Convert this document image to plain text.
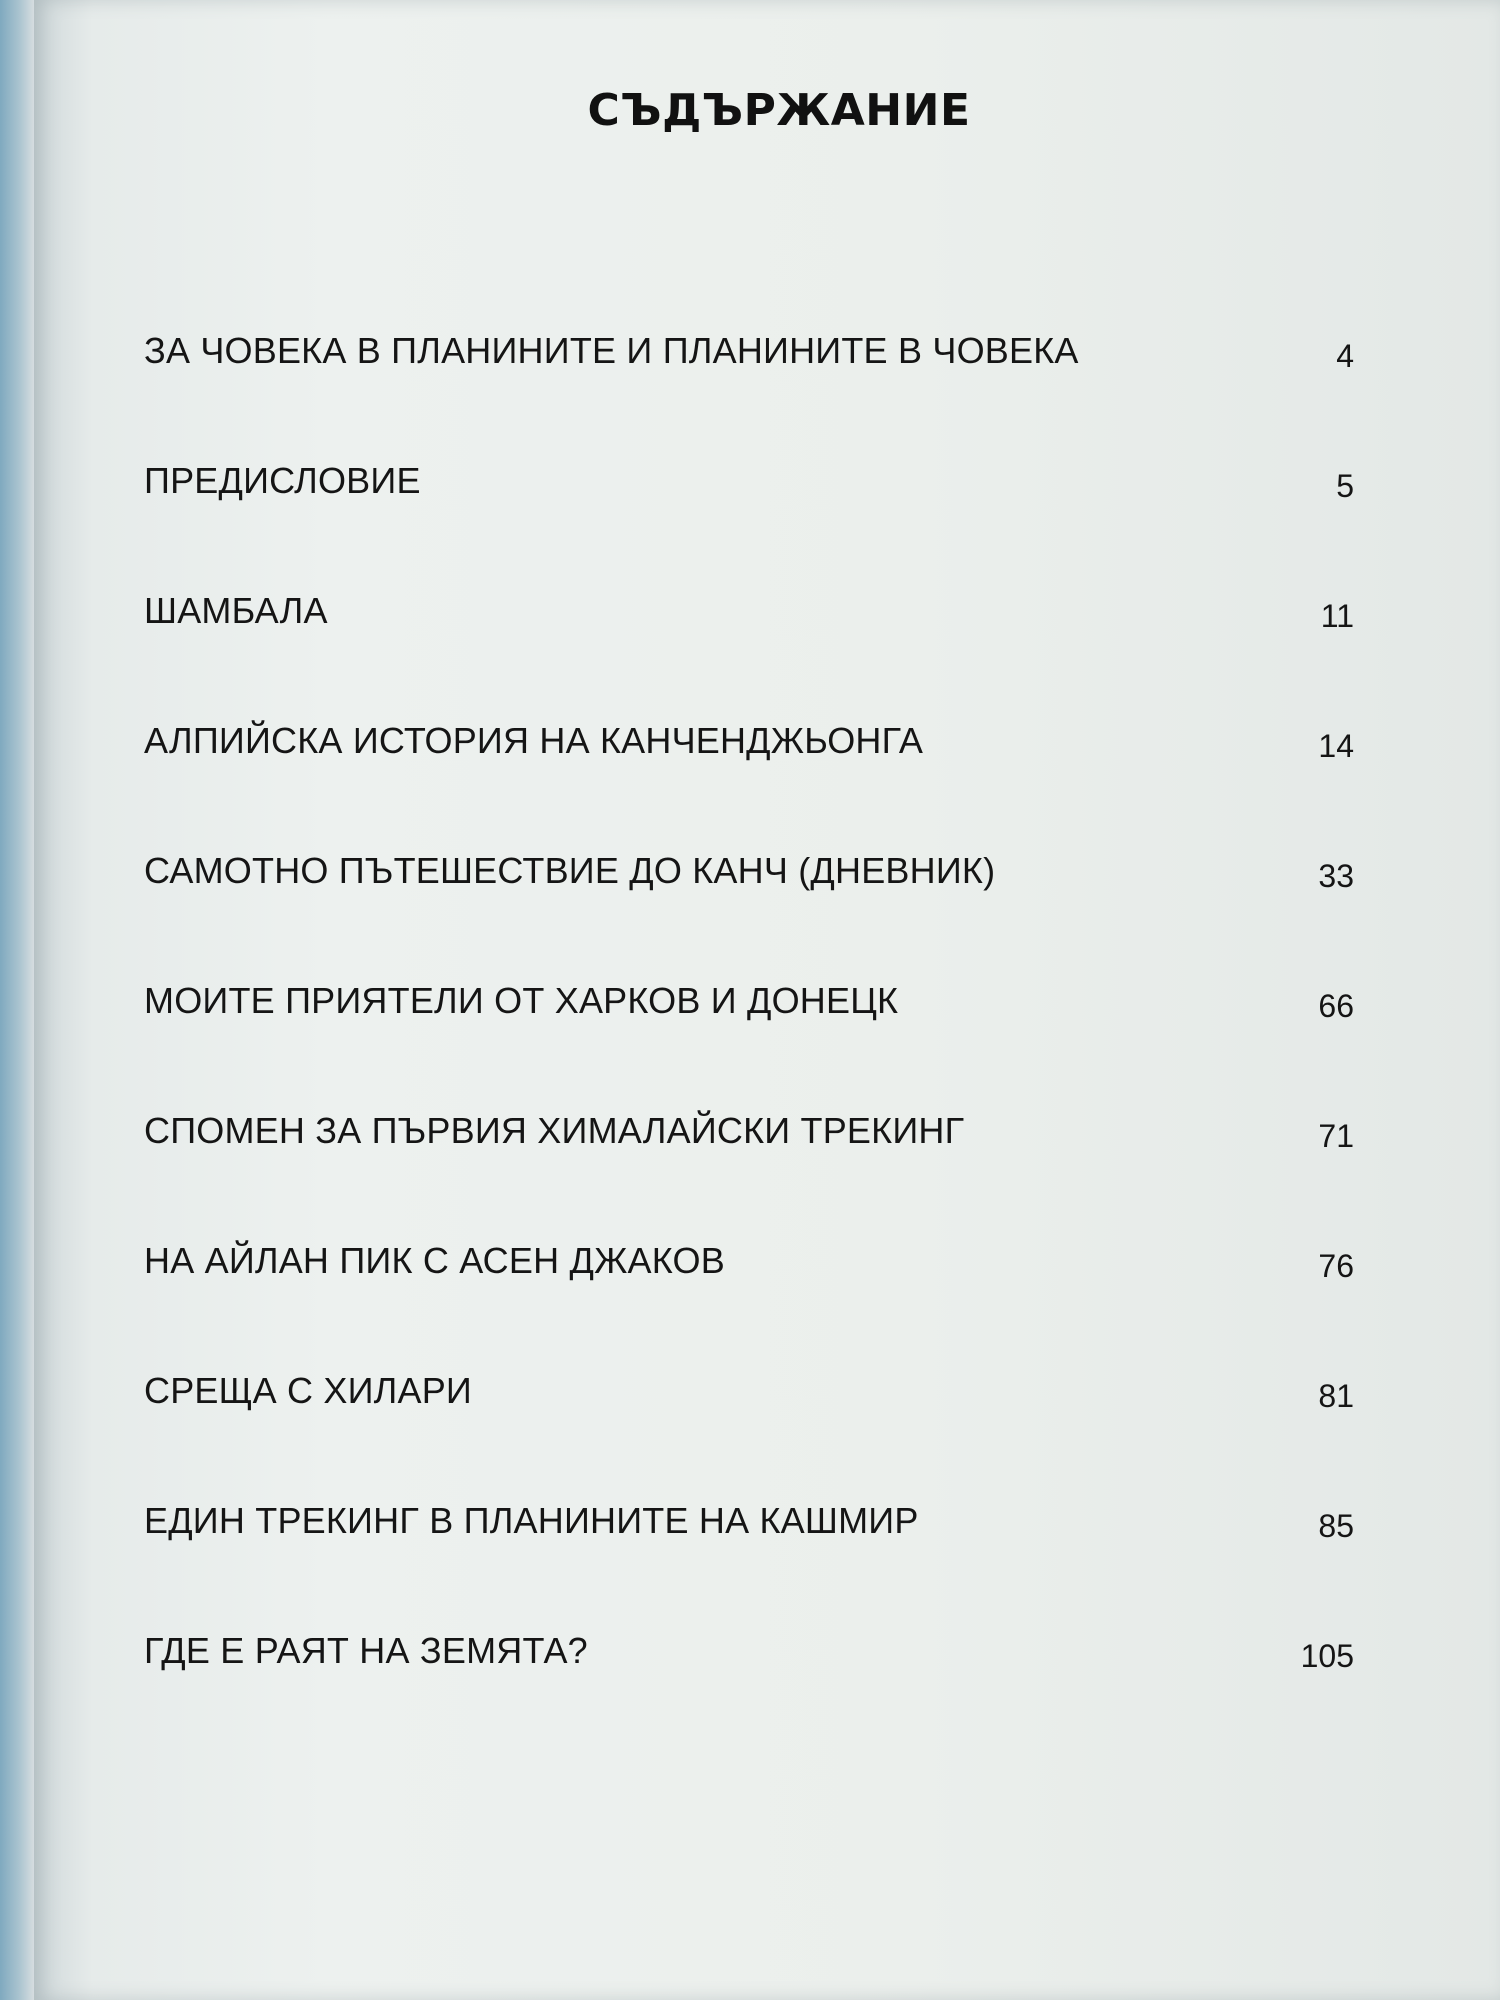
СЪДЪРЖАНИЕ
ЗА ЧОВЕКА В ПЛАНИНИТЕ И ПЛАНИНИТЕ В ЧОВЕКА	4
ПРЕДИСЛОВИЕ	5
ШАМБАЛА	11
АЛПИЙСКА ИСТОРИЯ НА КАНЧЕНДЖЬОНГА	14
САМОТНО ПЪТЕШЕСТВИЕ ДО КАНЧ (ДНЕВНИК)	33
МОИТЕ ПРИЯТЕЛИ ОТ ХАРКОВ И ДОНЕЦК	66
СПОМЕН ЗА ПЪРВИЯ ХИМАЛАЙСКИ ТРЕКИНГ	71
НА АЙЛАН ПИК С АСЕН ДЖАКОВ	76
СРЕЩА С ХИЛАРИ	81
ЕДИН ТРЕКИНГ В ПЛАНИНИТЕ НА КАШМИР	85
ГДЕ Е РАЯТ НА ЗЕМЯТА?	105
